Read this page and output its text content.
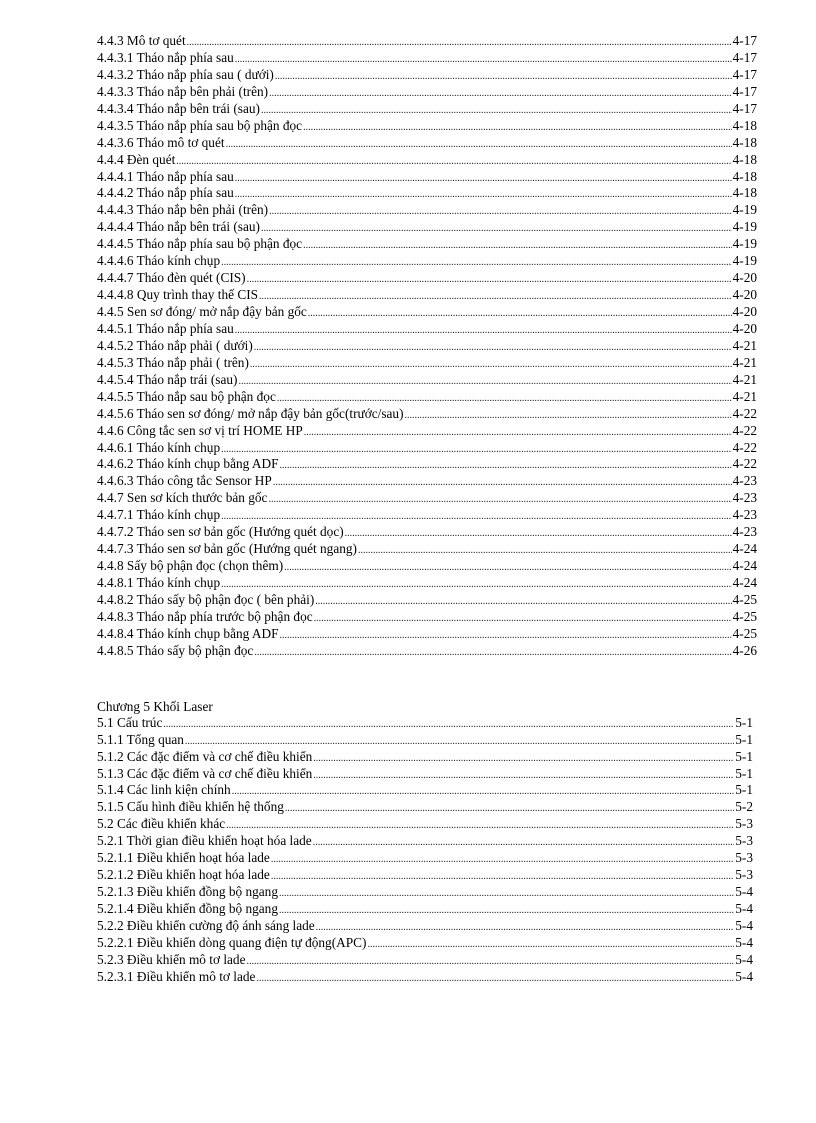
4.4.3 Mô tơ quét .....	4-17
4.4.3.1 Tháo nắp phía sau .....	4-17
4.4.3.2 Tháo nắp phía sau ( dưới) .....	4-17
4.4.3.3 Tháo nắp bên phải (trên) .....	4-17
4.4.3.4 Tháo nắp bên trái (sau) .....	4-17
4.4.3.5 Tháo nắp phía sau bộ phận đọc .....	4-18
4.4.3.6 Tháo mô tơ quét .....	4-18
4.4.4 Đèn quét .....	4-18
4.4.4.1 Tháo nắp phía sau .....	4-18
4.4.4.2 Tháo nắp phía sau .....	4-18
4.4.4.3 Tháo nắp bên phải (trên) .....	4-19
4.4.4.4 Tháo nắp bên trái (sau) .....	4-19
4.4.4.5 Tháo nắp phía sau bộ phận đọc .....	4-19
4.4.4.6 Tháo kính chụp .....	4-19
4.4.4.7 Tháo đèn quét (CIS) .....	4-20
4.4.4.8 Quy trình thay thế CIS .....	4-20
4.4.5 Sen sơ đóng/ mở nắp đậy bản gốc .....	4-20
4.4.5.1 Tháo nắp phía sau .....	4-20
4.4.5.2 Tháo nắp phải ( dưới) .....	4-21
4.4.5.3 Tháo nắp phải ( trên) .....	4-21
4.4.5.4 Tháo nắp trái (sau) .....	4-21
4.4.5.5 Tháo nắp sau bộ phận đọc .....	4-21
4.4.5.6 Tháo sen sơ đóng/ mở nắp đậy bản gốc(trước/sau) .....	4-22
4.4.6 Công tắc sen sơ vị trí HOME HP .....	4-22
4.4.6.1 Tháo kính chụp .....	4-22
4.4.6.2 Tháo kính chụp bằng ADF .....	4-22
4.4.6.3 Tháo công tắc Sensor HP .....	4-23
4.4.7 Sen sơ kích thước bản gốc .....	4-23
4.4.7.1 Tháo kính chụp .....	4-23
4.4.7.2 Tháo sen sơ bản gốc (Hướng quét dọc) .....	4-23
4.4.7.3 Tháo sen sơ bản gốc (Hướng quét ngang) .....	4-24
4.4.8 Sấy bộ phận đọc (chọn thêm) .....	4-24
4.4.8.1 Tháo kính chụp .....	4-24
4.4.8.2 Tháo sấy bộ phận đọc ( bên phải) .....	4-25
4.4.8.3 Tháo nắp phía trước bộ phận đọc .....	4-25
4.4.8.4 Tháo kính chụp bằng ADF .....	4-25
4.4.8.5 Tháo sấy bộ phận đọc .....	4-26
Chương 5 Khối Laser
5.1 Cấu trúc .....	5-1
5.1.1 Tổng quan .....	5-1
5.1.2 Các đặc điểm và cơ chế điều khiển .....	5-1
5.1.3 Các đặc điểm và cơ chế điều khiển .....	5-1
5.1.4 Các linh kiện chính .....	5-1
5.1.5 Cấu hình điều khiển hệ thống .....	5-2
5.2 Các điều khiển khác .....	5-3
5.2.1 Thời gian điều khiển hoạt hóa lade .....	5-3
5.2.1.1 Điều khiển hoạt hóa lade .....	5-3
5.2.1.2 Điều khiển hoạt hóa lade .....	5-3
5.2.1.3 Điều khiển đồng bộ ngang .....	5-4
5.2.1.4 Điều khiển đồng bộ ngang .....	5-4
5.2.2 Điều khiển cường độ ánh sáng lade .....	5-4
5.2.2.1 Điều khiển dòng quang điện tự động(APC) .....	5-4
5.2.3 Điều khiển mô tơ lade .....	5-4
5.2.3.1 Điều khiển mô tơ lade .....	5-4
